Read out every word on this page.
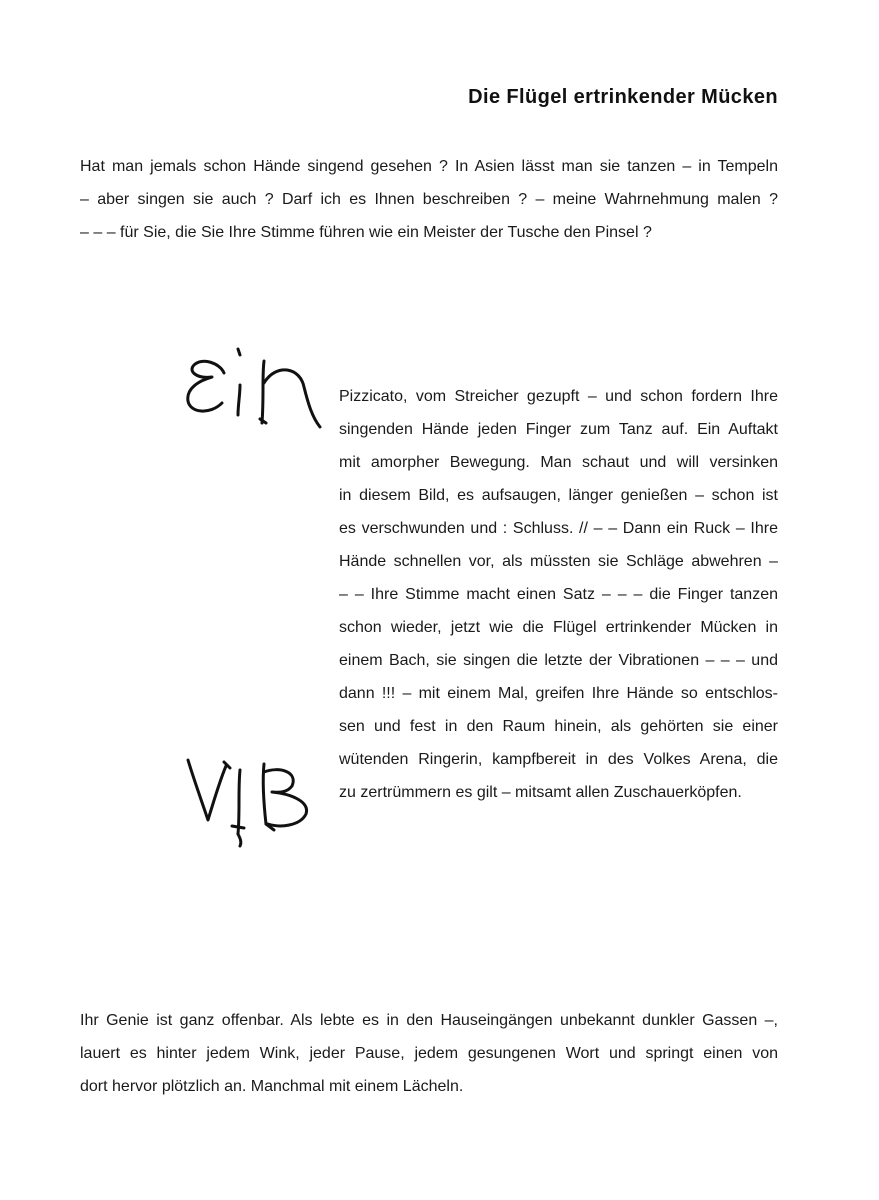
Die Flügel ertrinkender Mücken

Hat man jemals schon Hände singend gesehen ? In Asien lässt man sie tanzen – in Tempeln
– aber singen sie auch ? Darf ich es Ihnen beschreiben ? – meine Wahrnehmung malen ?
– – – für Sie, die Sie Ihre Stimme führen wie ein Meister der Tusche den Pinsel ?

Pizzicato, vom Streicher gezupft – und schon fordern Ihre
singenden Hände jeden Finger zum Tanz auf. Ein Auftakt
mit amorpher Bewegung. Man schaut und will versinken
in diesem Bild, es aufsaugen, länger genießen – schon ist
es verschwunden und : Schluss. // – – Dann ein Ruck – Ihre
Hände schnellen vor, als müssten sie Schläge abwehren –
– – Ihre Stimme macht einen Satz – – – die Finger tanzen
schon wieder, jetzt wie die Flügel ertrinkender Mücken in
einem Bach, sie singen die letzte der Vibrationen – – – und
dann !!! – mit einem Mal, greifen Ihre Hände so entschlos-
sen und fest in den Raum hinein, als gehörten sie einer
wütenden Ringerin, kampfbereit in des Volkes Arena, die
zu zertrümmern es gilt – mitsamt allen Zuschauerköpfen.

Ihr Genie ist ganz offenbar. Als lebte es in den Hauseingängen unbekannt dunkler Gassen –,
lauert es hinter jedem Wink, jeder Pause, jedem gesungenen Wort und springt einen von
dort hervor plötzlich an. Manchmal mit einem Lächeln.
